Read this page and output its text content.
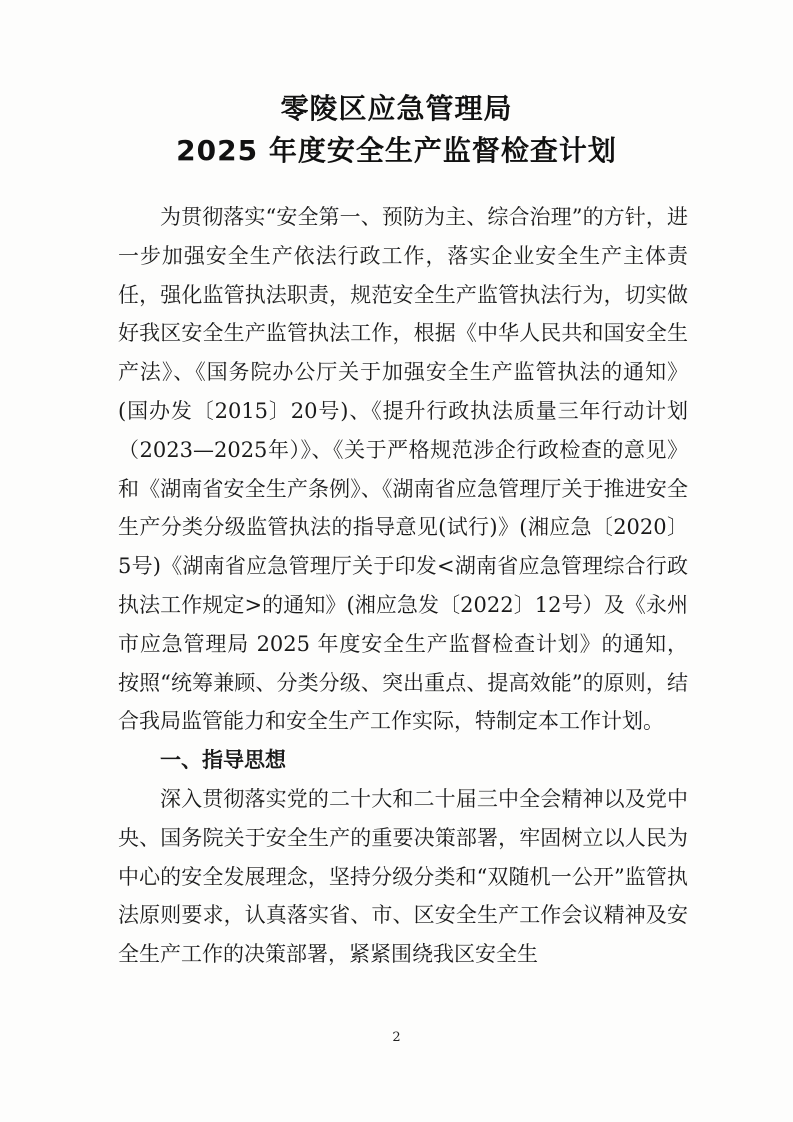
零陵区应急管理局
2025 年度安全生产监督检查计划

为贯彻落实“安全第一、预防为主、综合治理”的方针，进一步加强安全生产依法行政工作，落实企业安全生产主体责任，强化监管执法职责，规范安全生产监管执法行为，切实做好我区安全生产监管执法工作，根据《中华人民共和国安全生产法》、《国务院办公厅关于加强安全生产监管执法的通知》(国办发〔2015〕20号)、《提升行政执法质量三年行动计划（2023—2025年）》、《关于严格规范涉企行政检查的意见》和《湖南省安全生产条例》、《湖南省应急管理厅关于推进安全生产分类分级监管执法的指导意见(试行)》(湘应急〔2020〕5号)《湖南省应急管理厅关于印发<湖南省应急管理综合行政执法工作规定>的通知》(湘应急发〔2022〕12号）及《永州市应急管理局 2025 年度安全生产监督检查计划》的通知，按照“统筹兼顾、分类分级、突出重点、提高效能”的原则，结合我局监管能力和安全生产工作实际，特制定本工作计划。

一、指导思想

深入贯彻落实党的二十大和二十届三中全会精神以及党中央、国务院关于安全生产的重要决策部署，牢固树立以人民为中心的安全发展理念，坚持分级分类和“双随机一公开”监管执法原则要求，认真落实省、市、区安全生产工作会议精神及安全生产工作的决策部署，紧紧围绕我区安全生

2
